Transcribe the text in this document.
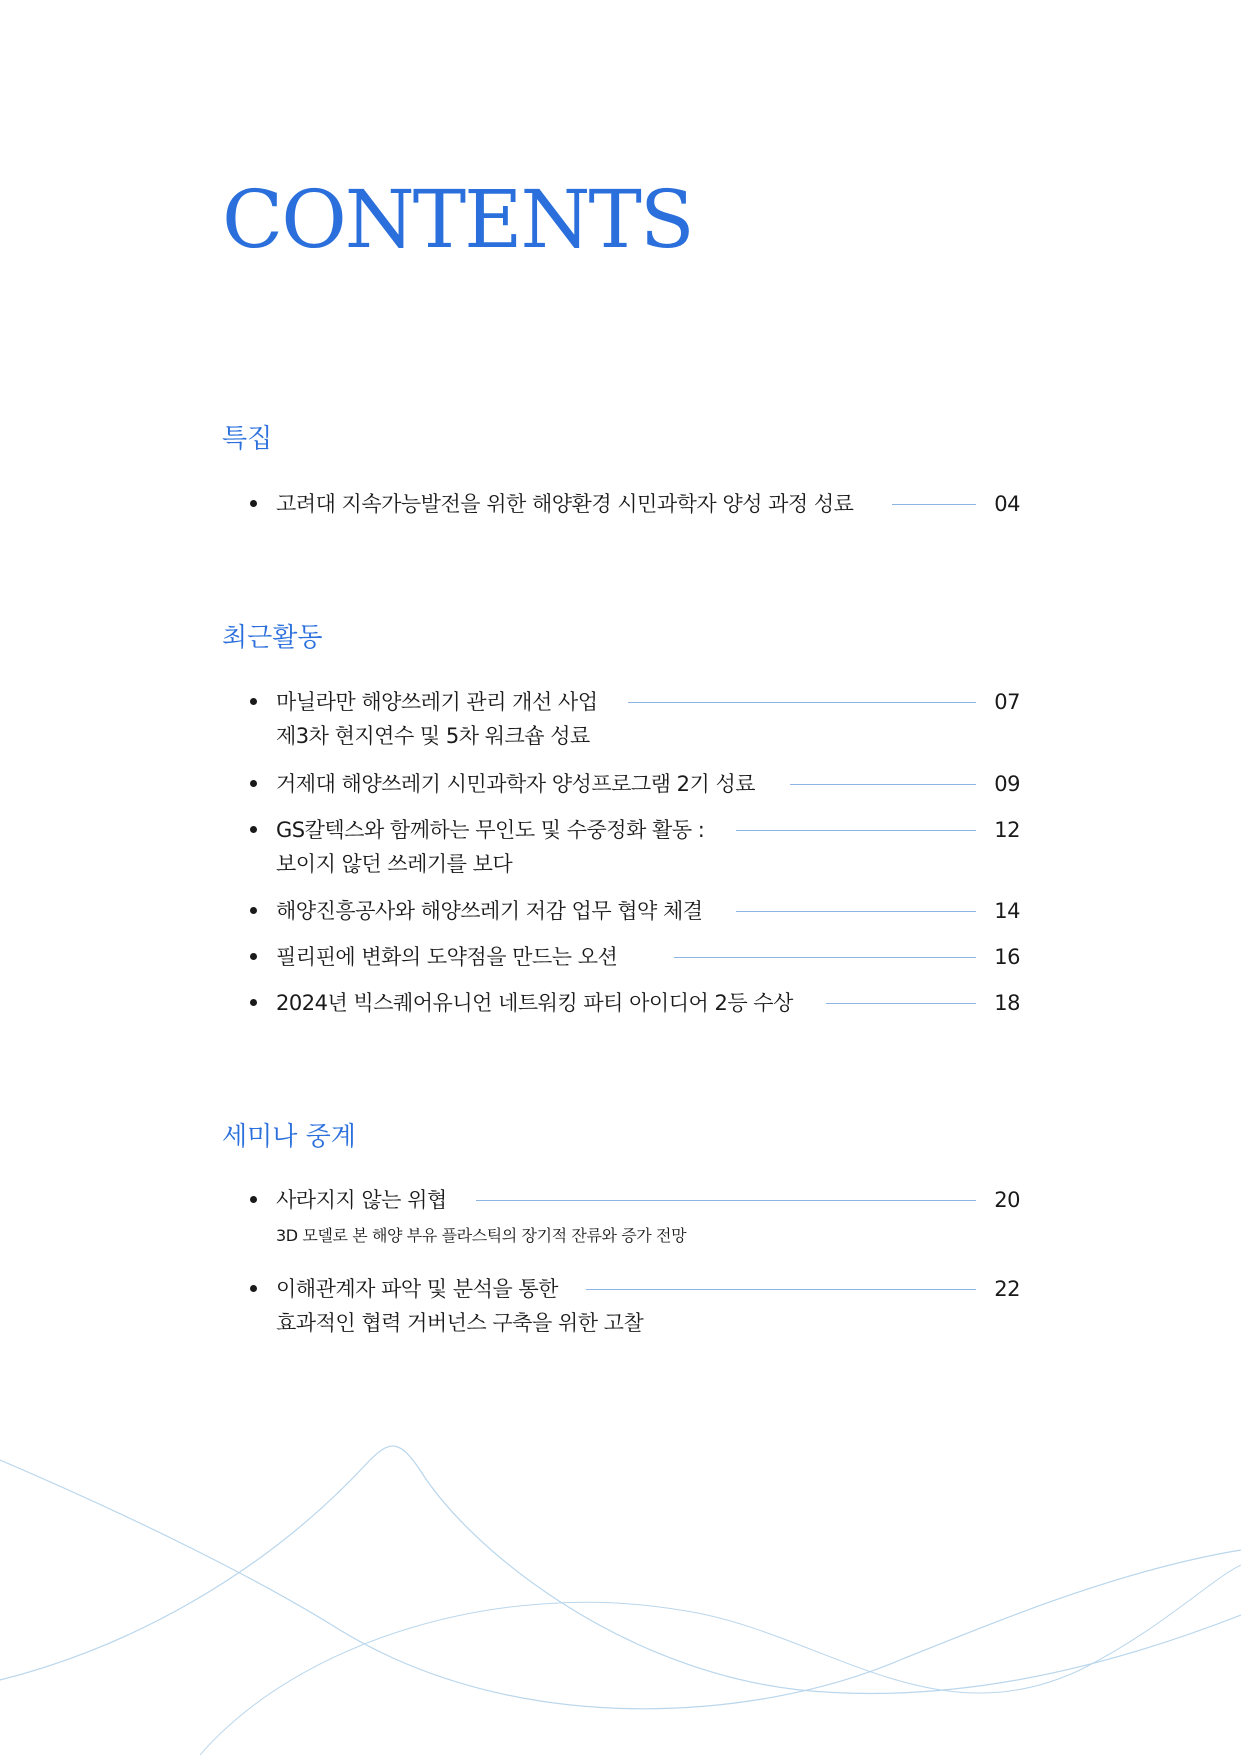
CONTENTS
특집
고려대 지속가능발전을 위한 해양환경 시민과학자 양성 과정 성료	04
최근활동
마닐라만 해양쓰레기 관리 개선 사업	07
제3차 현지연수 및 5차 워크숍 성료
거제대 해양쓰레기 시민과학자 양성프로그램 2기 성료	09
GS칼텍스와 함께하는 무인도 및 수중정화 활동 :	12
보이지 않던 쓰레기를 보다
해양진흥공사와 해양쓰레기 저감 업무 협약 체결	14
필리핀에 변화의 도약점을 만드는 오션	16
2024년 빅스퀘어유니언 네트워킹 파티 아이디어 2등 수상	18
세미나 중계
사라지지 않는 위협	20
3D 모델로 본 해양 부유 플라스틱의 장기적 잔류와 증가 전망
이해관계자 파악 및 분석을 통한	22
효과적인 협력 거버넌스 구축을 위한 고찰
